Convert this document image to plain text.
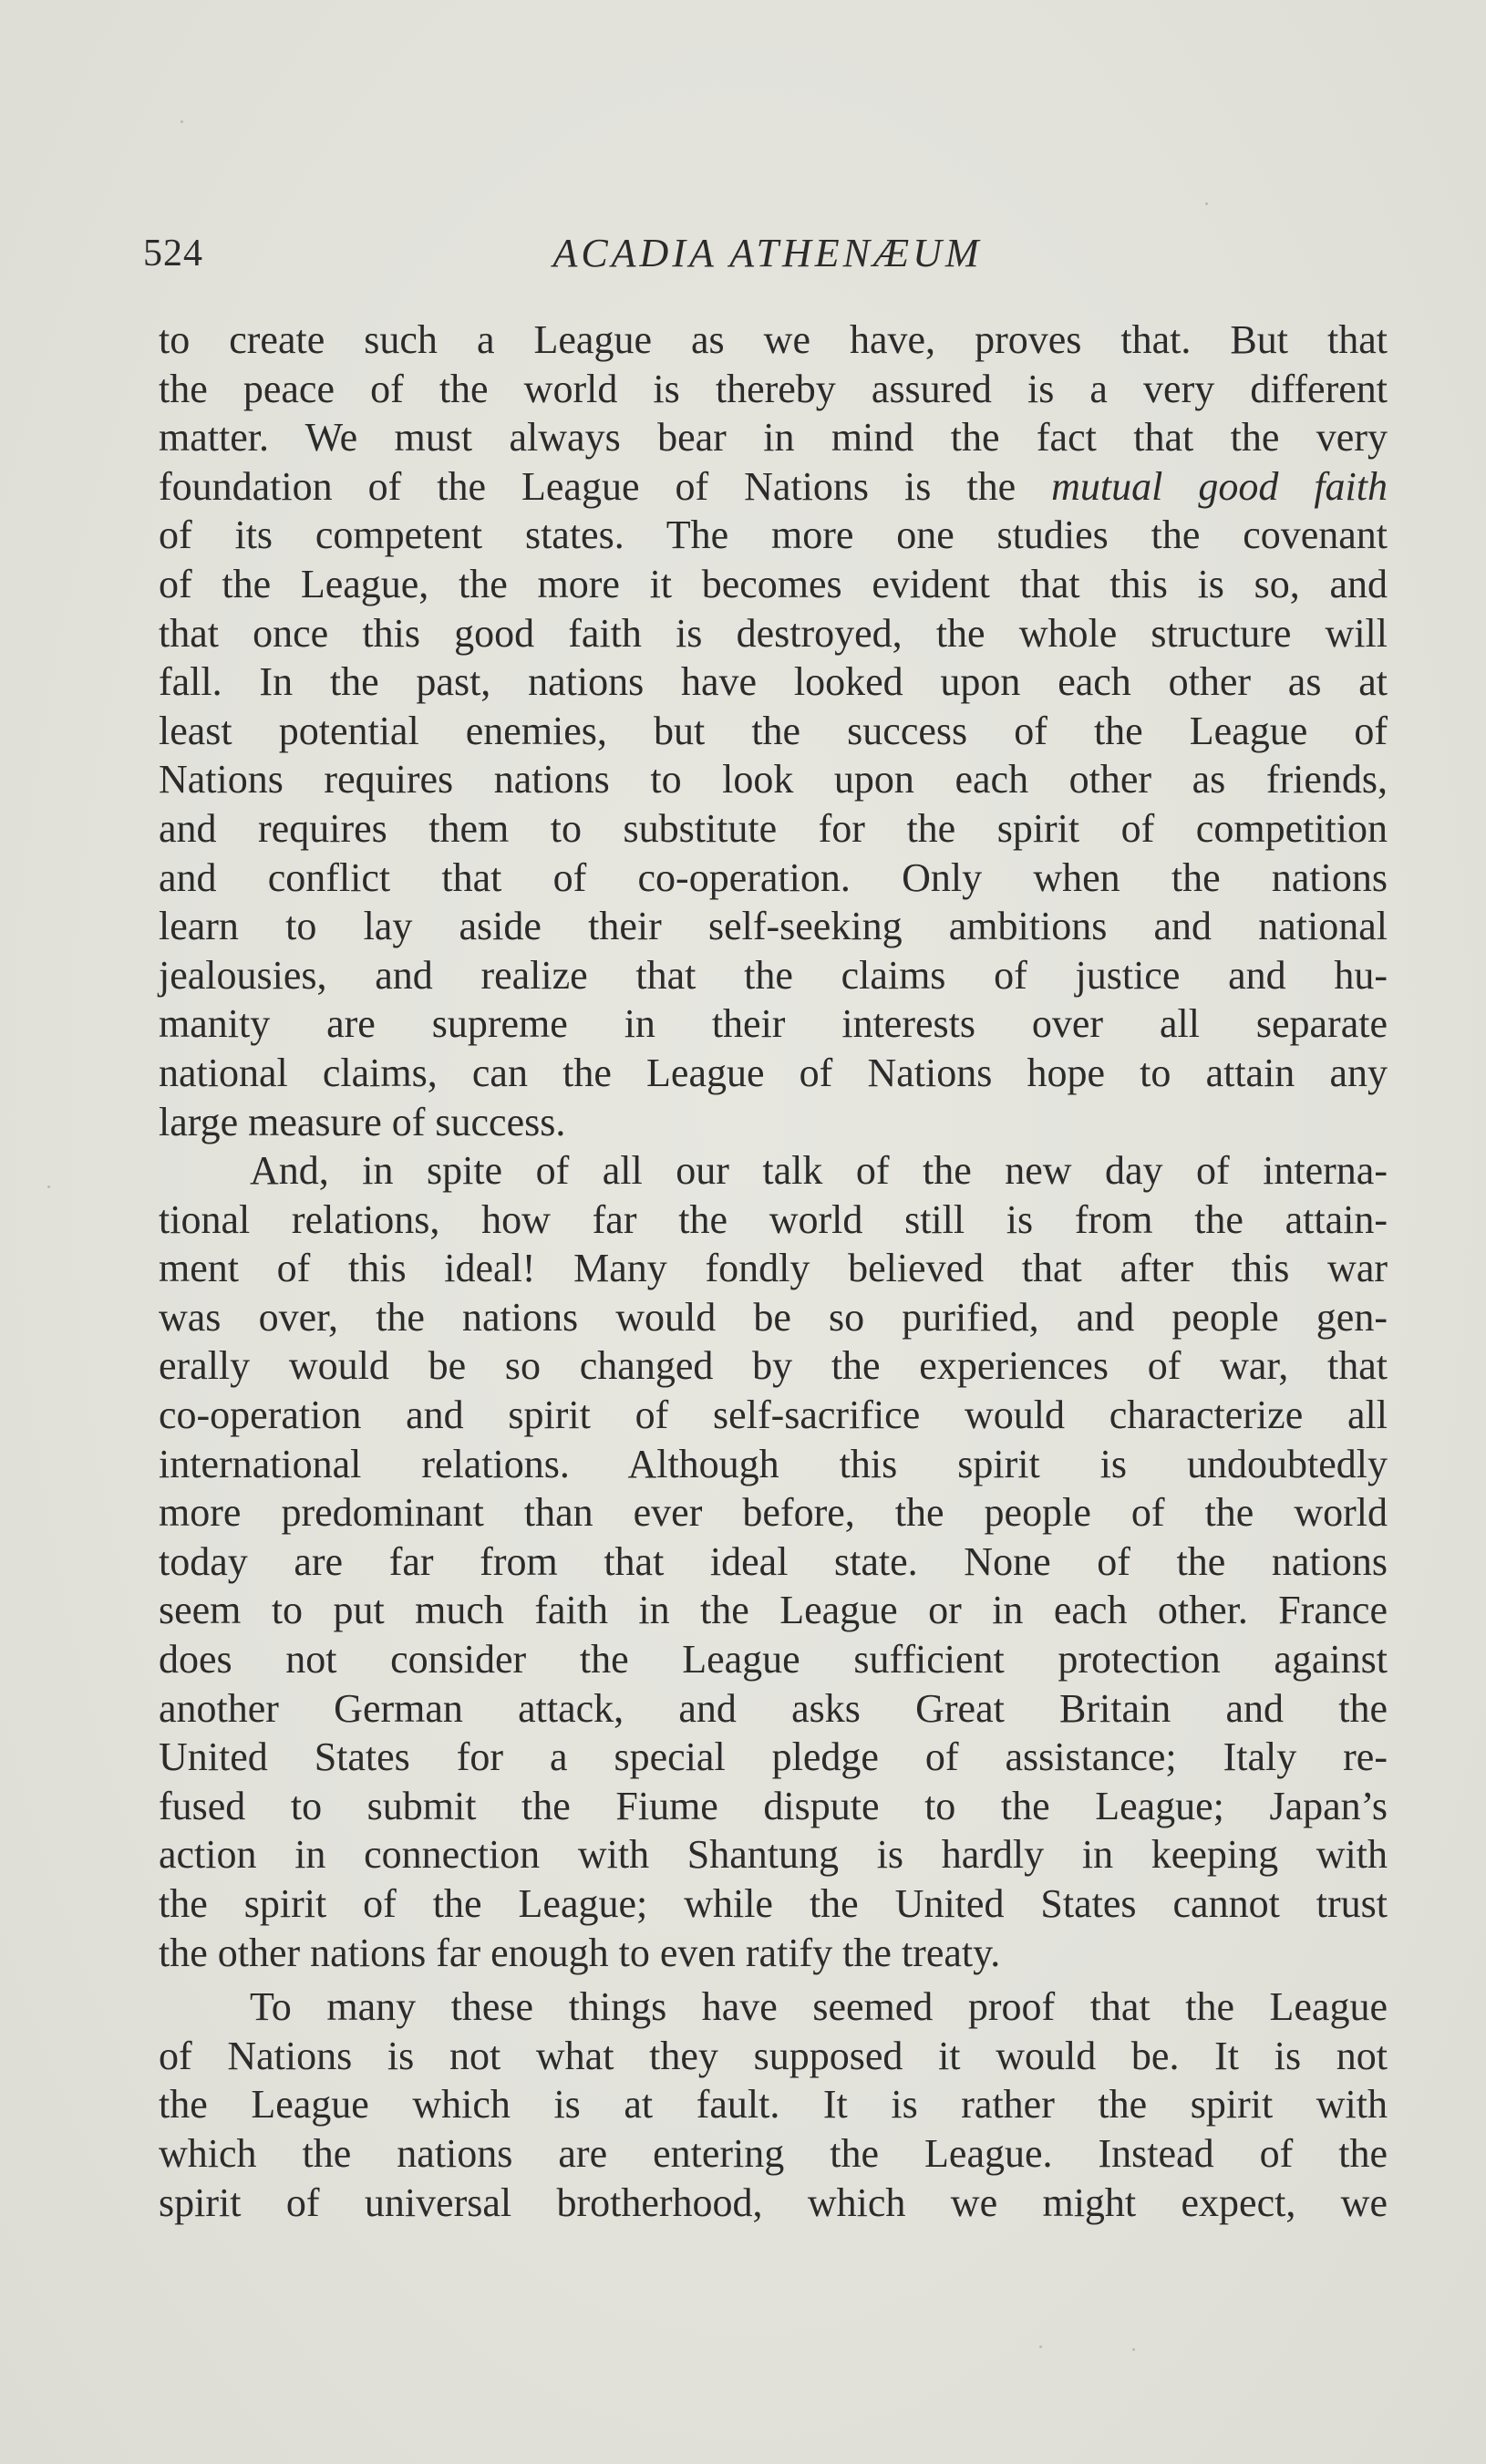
524	ACADIA ATHENÆUM
to create such a League as we have, proves that. But that
the peace of the world is thereby assured is a very different
matter. We must always bear in mind the fact that the very
foundation of the League of Nations is the mutual good faith
of its competent states. The more one studies the covenant
of the League, the more it becomes evident that this is so, and
that once this good faith is destroyed, the whole structure will
fall. In the past, nations have looked upon each other as at
least potential enemies, but the success of the League of
Nations requires nations to look upon each other as friends,
and requires them to substitute for the spirit of competition
and conflict that of co-operation. Only when the nations
learn to lay aside their self-seeking ambitions and national
jealousies, and realize that the claims of justice and hu-
manity are supreme in their interests over all separate
national claims, can the League of Nations hope to attain any
large measure of success.
And, in spite of all our talk of the new day of interna-
tional relations, how far the world still is from the attain-
ment of this ideal! Many fondly believed that after this war
was over, the nations would be so purified, and people gen-
erally would be so changed by the experiences of war, that
co-operation and spirit of self-sacrifice would characterize all
international relations. Although this spirit is undoubtedly
more predominant than ever before, the people of the world
today are far from that ideal state. None of the nations
seem to put much faith in the League or in each other. France
does not consider the League sufficient protection against
another German attack, and asks Great Britain and the
United States for a special pledge of assistance; Italy re-
fused to submit the Fiume dispute to the League; Japan’s
action in connection with Shantung is hardly in keeping with
the spirit of the League; while the United States cannot trust
the other nations far enough to even ratify the treaty.
To many these things have seemed proof that the League
of Nations is not what they supposed it would be. It is not
the League which is at fault. It is rather the spirit with
which the nations are entering the League. Instead of the
spirit of universal brotherhood, which we might expect, we
